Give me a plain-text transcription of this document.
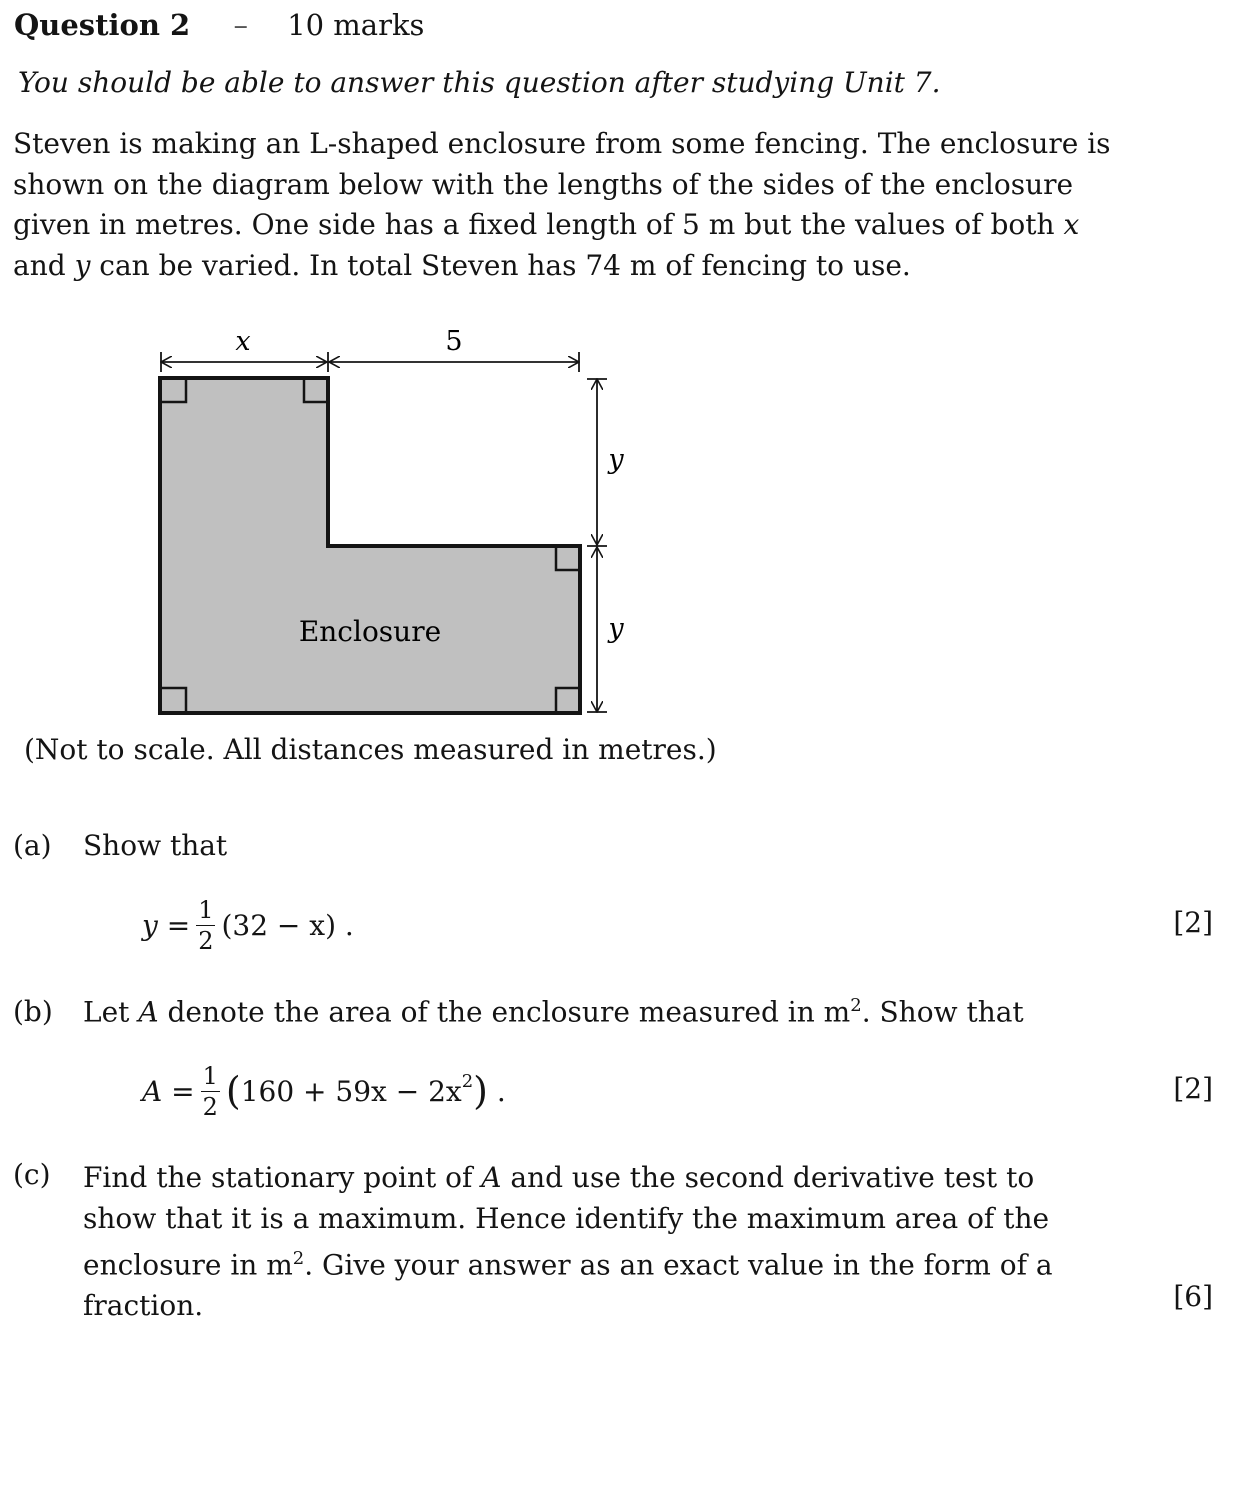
Question 2 – 10 marks
You should be able to answer this question after studying Unit 7.
Steven is making an L-shaped enclosure from some fencing. The enclosure is
shown on the diagram below with the lengths of the sides of the enclosure
given in metres. One side has a fixed length of 5 m but the values of both x
and y can be varied. In total Steven has 74 m of fencing to use.
x	5
y
y
Enclosure
(Not to scale. All distances measured in metres.)
(a) Show that
$y = \frac{1}{2} (32 - x)$ .	[2]
(b) Let A denote the area of the enclosure measured in $m^2$. Show that
$A = \frac{1}{2}$ ( $160 + 59x - 2x^2$ )
.	[2]
(c) Find the stationary point of A and use the second derivative test to
show that it is a maximum. Hence identify the maximum area of the
enclosure in $m^2$. Give your answer as an exact value in the form of a
fraction.	[6]
